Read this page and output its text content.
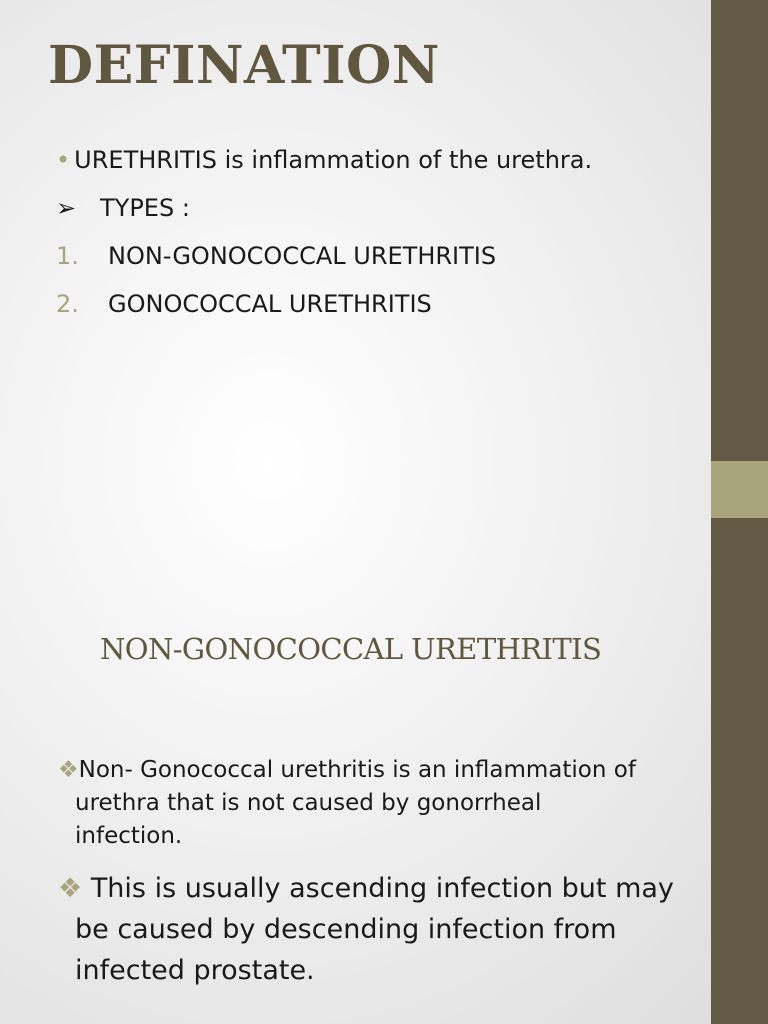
DEFINATION
• URETHRITIS is inflammation of the urethra.
➢ TYPES :
1. NON-GONOCOCCAL URETHRITIS
2. GONOCOCCAL URETHRITIS
NON-GONOCOCCAL URETHRITIS

❖Non- Gonococcal urethritis is an inflammation of
urethra that is not caused by gonorrheal
infection.

❖ This is usually ascending infection but may
be caused by descending infection from
infected prostate.
